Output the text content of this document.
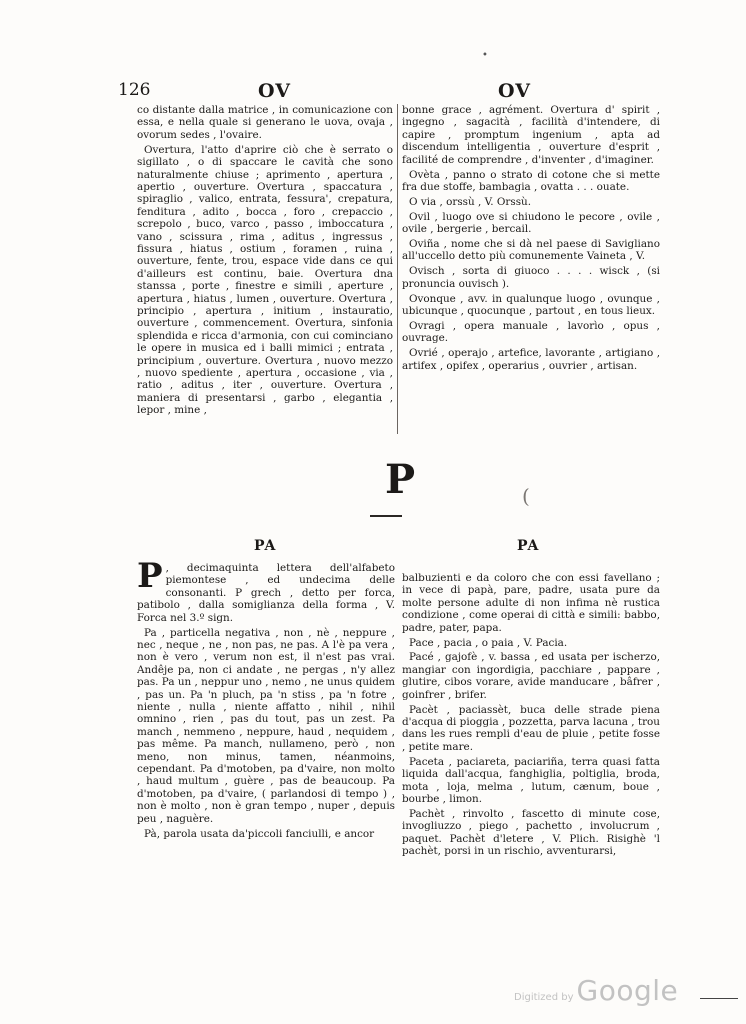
•
126	OV	OV

co distante dalla matrice , in comunicazione con essa, e nella quale si generano le uova, ovaja , ovorum sedes , l'ovaire.

Overtura, l'atto d'aprire ciò che è serrato o sigillato , o di spaccare le cavità che sono naturalmente chiuse ; aprimento , apertura , apertio , ouverture. Overtura , spaccatura , spiraglio , valico, entrata, fessura', crepatura, fenditura , adito , bocca , foro , crepaccio , screpolo , buco, varco , passo , imboccatura , vano , scissura , rima , aditus , ingressus , fissura , hiatus , ostium , foramen , ruina , ouverture, fente, trou, espace vide dans ce qui d'ailleurs est continu, baie. Overtura dna stanssa , porte , finestre e simili , aperture , apertura , hiatus , lumen , ouverture. Overtura , principio , apertura , initium , instauratio, ouverture , commencement. Overtura, sinfonia splendida e ricca d'armonia, con cui cominciano le opere in musica ed i balli mimici ; entrata , principium , ouverture. Overtura , nuovo mezzo , nuovo spediente , apertura , occasione , via , ratio , aditus , iter , ouverture. Overtura , maniera di presentarsi , garbo , elegantia , lepor , mine ,

bonne grace , agrément. Overtura d' spirit , ingegno , sagacità , facilità d'intendere, di capire , promptum ingenium , apta ad discendum intelligentia , ouverture d'esprit , facilité de comprendre , d'inventer , d'imaginer.

Ovèta , panno o strato di cotone che si mette fra due stoffe, bambagia , ovatta . . . ouate.

O via , orssù , V. Orssù.

Ovil , luogo ove si chiudono le pecore , ovile , ovile , bergerie , bercail.

Oviña , nome che si dà nel paese di Savigliano all'uccello detto più comunemente Vaineta , V.

Ovisch , sorta di giuoco . . . . wisck , (si pronuncia ouvisch ).

Ovonque , avv. in qualunque luogo , ovunque , ubicunque , quocunque , partout , en tous lieux.

Ovragi , opera manuale , lavorìo , opus , ouvrage.

Ovrié , operajo , artefice, lavorante , artigiano , artifex , opifex , operarius , ouvrier , artisan.

P	(
PA	PA

P , decimaquinta lettera dell'alfabeto piemontese , ed undecima delle consonanti. P grech , detto per forca, patibolo , dalla somiglianza della forma , V. Forca nel 3.º sign.

Pa , particella negativa , non , nè , neppure , nec , neque , ne , non pas, ne pas. A l'è pa vera , non è vero , verum non est, il n'est pas vrai. Andêje pa, non ci andate , ne pergas , n'y allez pas. Pa un , neppur uno , nemo , ne unus quidem , pas un. Pa 'n pluch, pa 'n stiss , pa 'n fotre , niente , nulla , niente affatto , nihil , nihil omnino , rien , pas du tout, pas un zest. Pa manch , nemmeno , neppure, haud , nequidem , pas même. Pa manch, nullameno, però , non meno, non minus, tamen, néanmoins, cependant. Pa d'motoben, pa d'vaire, non molto , haud multum , guère , pas de beaucoup. Pa d'motoben, pa d'vaire, ( parlandosi di tempo ) , non è molto , non è gran tempo , nuper , depuis peu , naguère.

Pà, parola usata da'piccoli fanciulli, e ancor

balbuzienti e da coloro che con essi favellano ; in vece di papà, pare, padre, usata pure da molte persone adulte di non infima nè rustica condizione , come operai di città e simili: babbo, padre, pater, papa.

Pace , pacia , o paia , V. Pacia.

Pacé , gajofè , v. bassa , ed usata per ischerzo, mangiar con ingordigia, pacchiare , pappare , glutire, cibos vorare, avide manducare , bâfrer , goinfrer , brifer.

Pacèt , paciassèt, buca delle strade piena d'acqua di pioggia , pozzetta, parva lacuna , trou dans les rues rempli d'eau de pluie , petite fosse , petite mare.

Paceta , paciareta, paciariña, terra quasi fatta liquida dall'acqua, fanghiglia, poltiglia, broda, mota , loja, melma , lutum, cænum, boue , bourbe , limon.

Pachèt , rinvolto , fascetto di minute cose, invogliuzzo , piego , pachetto , involucrum , paquet. Pachèt d'letere , V. Plich. Risighè 'l pachèt, porsi in un rischio, avventurarsi,

Digitized by Google
